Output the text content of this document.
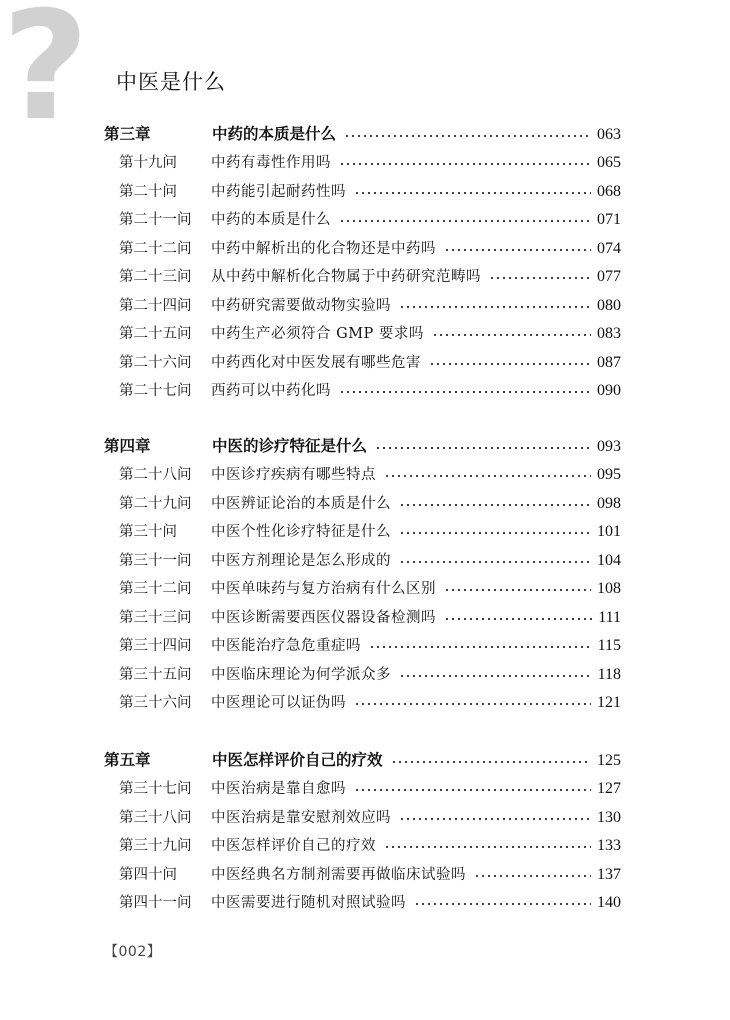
? 中医是什么
第三章	中药的本质是什么	063
第十九问	中药有毒性作用吗	065
第二十问	中药能引起耐药性吗	068
第二十一问	中药的本质是什么	071
第二十二问	中药中解析出的化合物还是中药吗	074
第二十三问	从中药中解析化合物属于中药研究范畴吗	077
第二十四问	中药研究需要做动物实验吗	080
第二十五问	中药生产必须符合 GMP 要求吗	083
第二十六问	中药西化对中医发展有哪些危害	087
第二十七问	西药可以中药化吗	090
第四章	中医的诊疗特征是什么	093
第二十八问	中医诊疗疾病有哪些特点	095
第二十九问	中医辨证论治的本质是什么	098
第三十问	中医个性化诊疗特征是什么	101
第三十一问	中医方剂理论是怎么形成的	104
第三十二问	中医单味药与复方治病有什么区别	108
第三十三问	中医诊断需要西医仪器设备检测吗	111
第三十四问	中医能治疗急危重症吗	115
第三十五问	中医临床理论为何学派众多	118
第三十六问	中医理论可以证伪吗	121
第五章	中医怎样评价自己的疗效	125
第三十七问	中医治病是靠自愈吗	127
第三十八问	中医治病是靠安慰剂效应吗	130
第三十九问	中医怎样评价自己的疗效	133
第四十问	中医经典名方制剂需要再做临床试验吗	137
第四十一问	中医需要进行随机对照试验吗	140
【002】
